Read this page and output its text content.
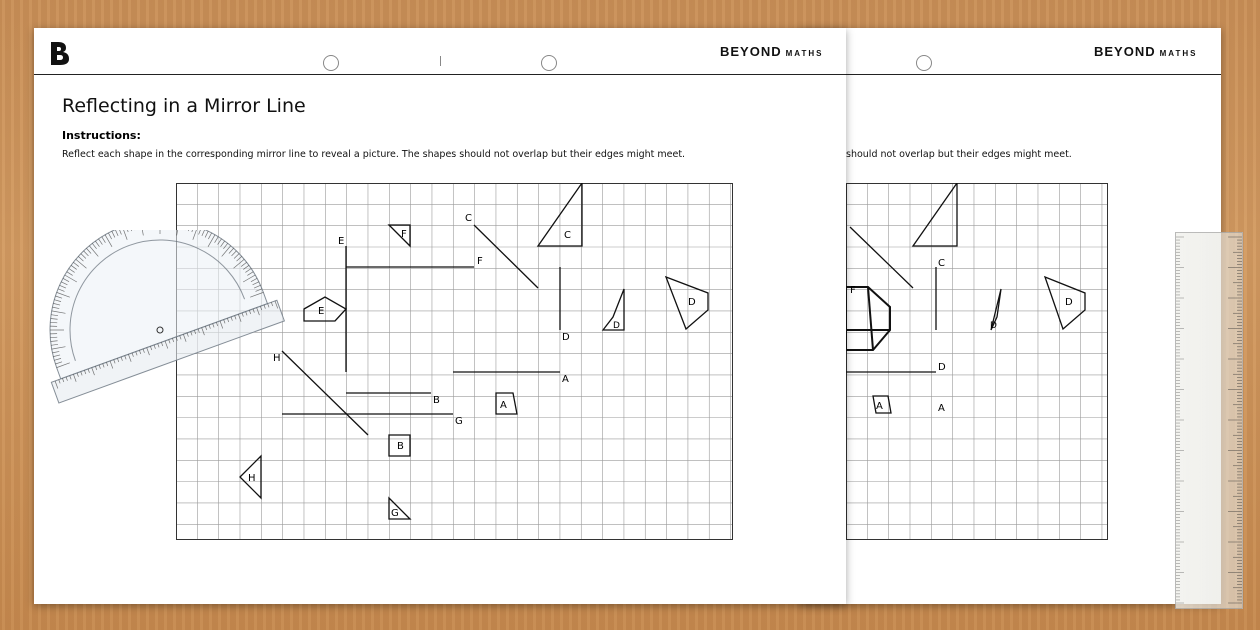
BEYOND MATHS
should not overlap but their edges might meet.
C
D
D
D
A
A
F
BEYOND MATHS
Reflecting in a Mirror Line
Instructions:
Reflect each shape in the corresponding mirror line to reveal a picture. The shapes should not overlap but their edges might meet.
C
C
F
F
E
E
D
D
D
A
A
B
B
G
G
H
H
